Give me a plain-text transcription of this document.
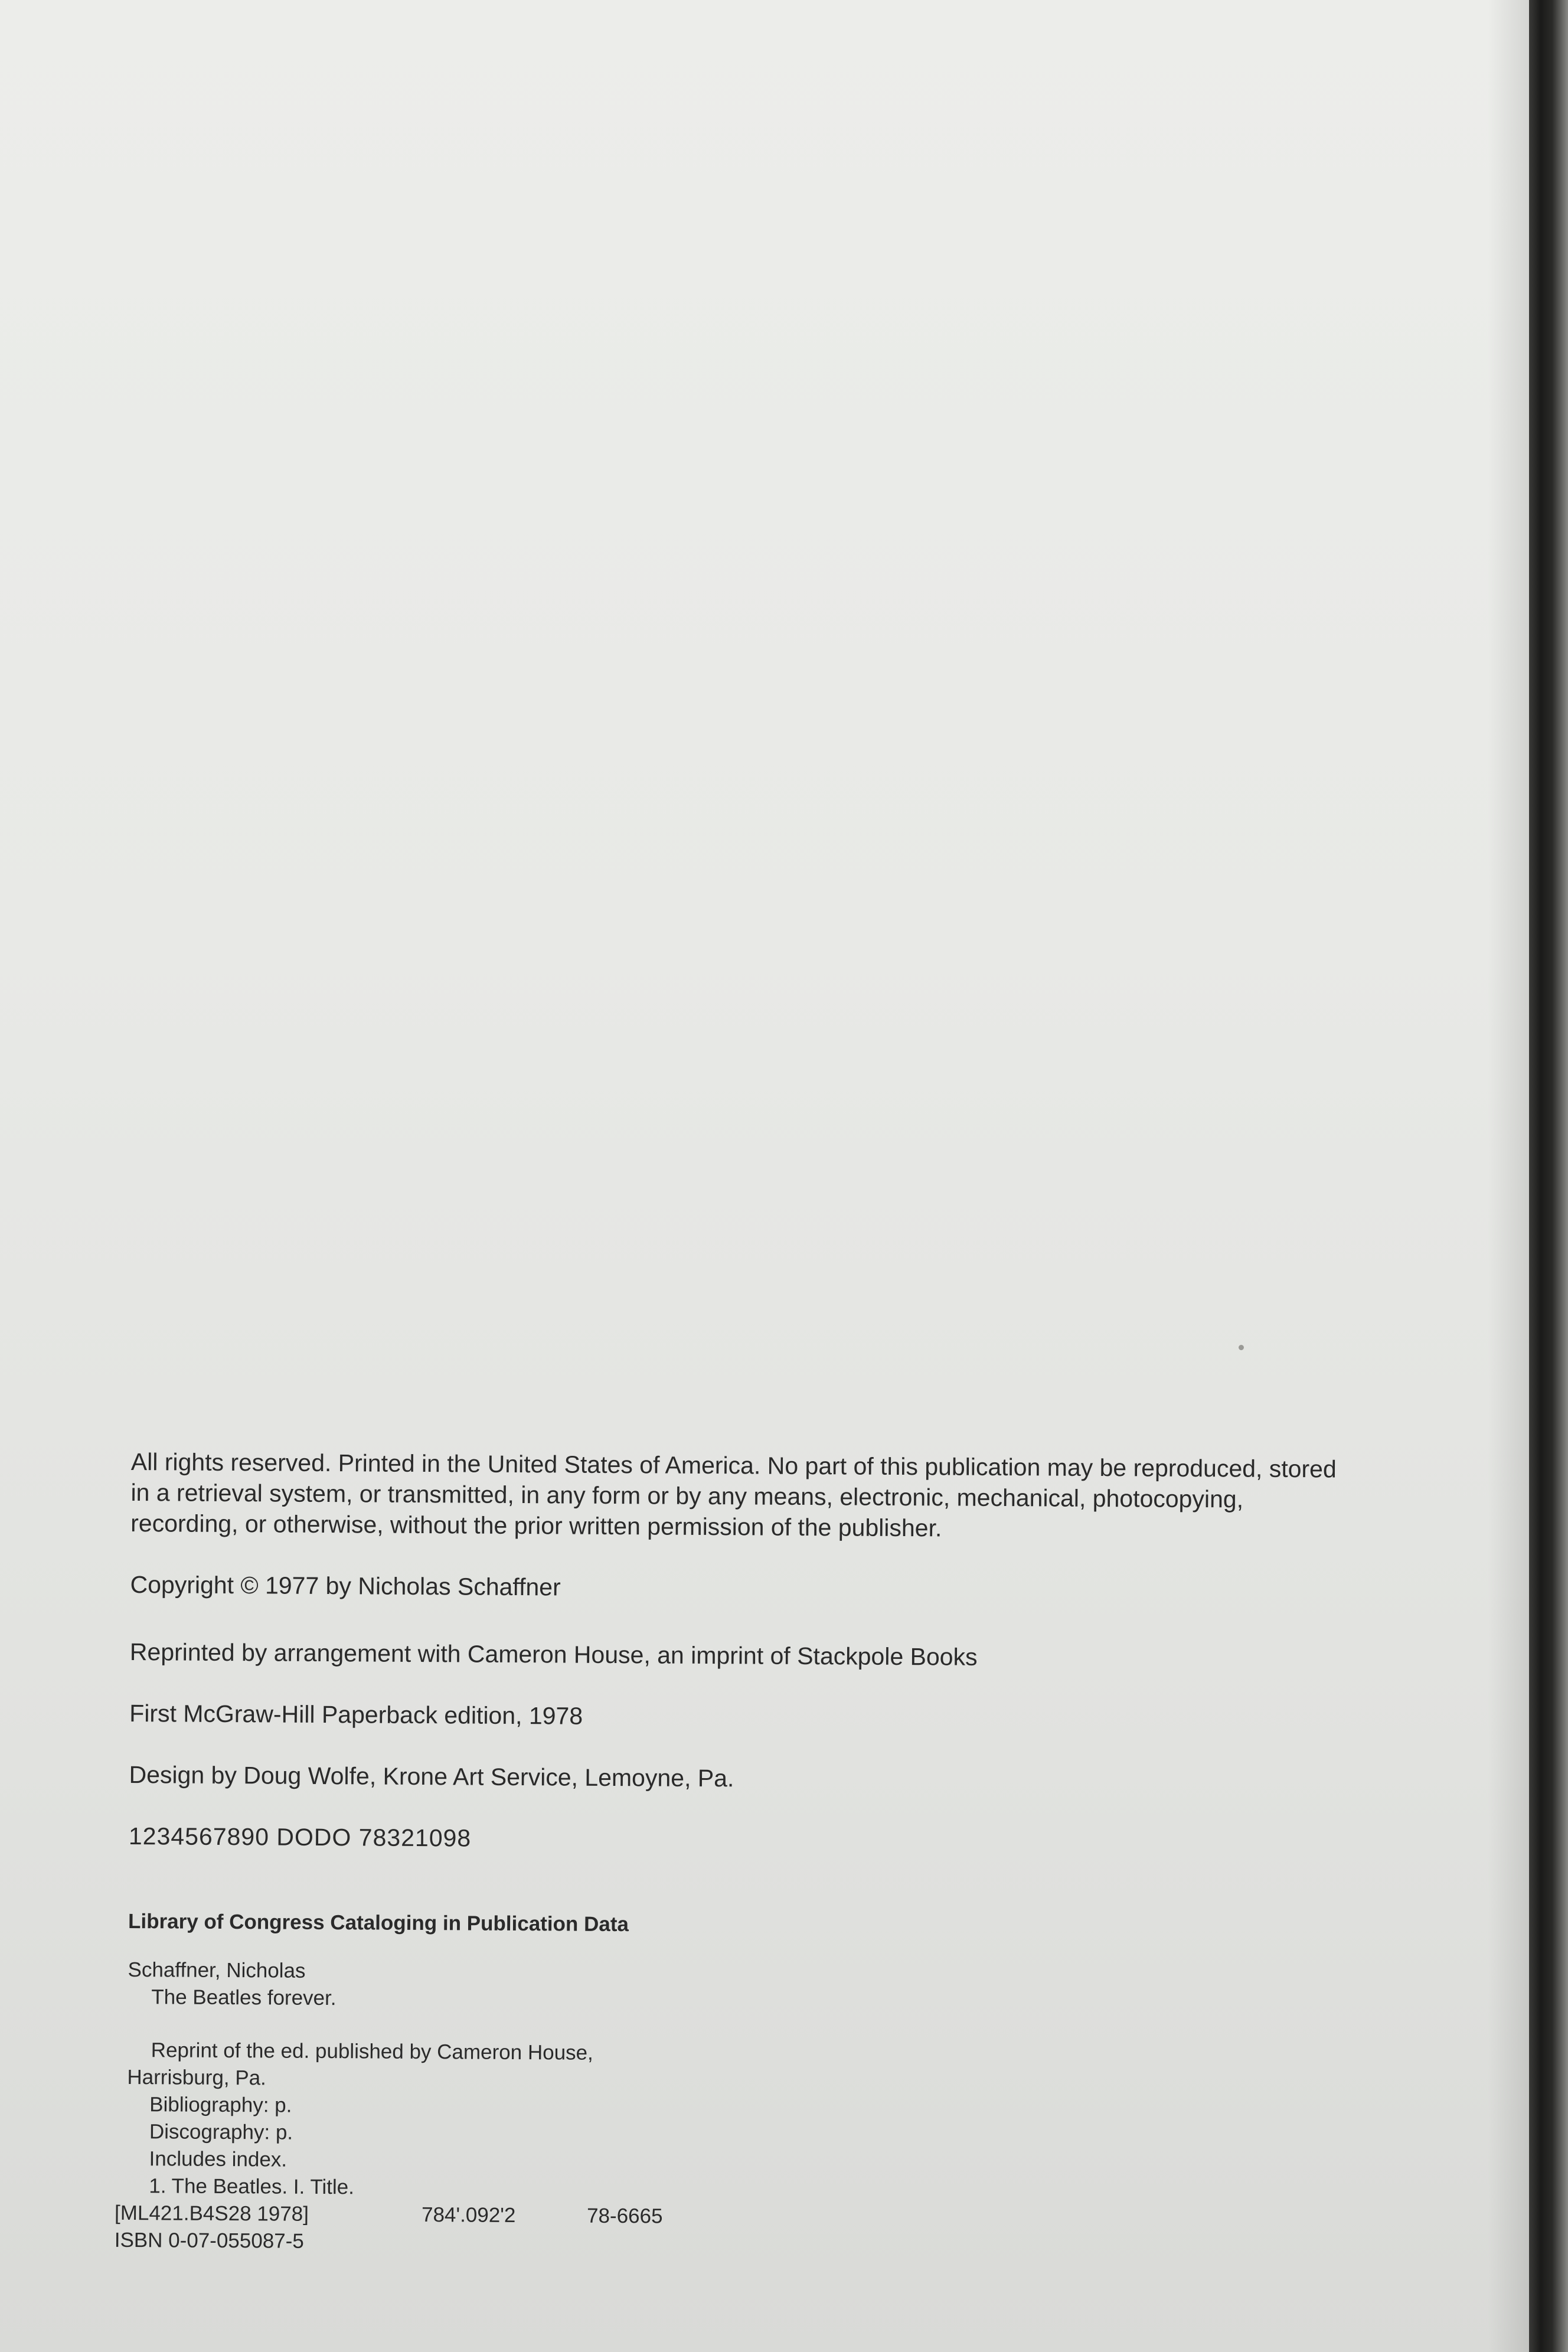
All rights reserved. Printed in the United States of America. No part of this publication may be reproduced, stored
in a retrieval system, or transmitted, in any form or by any means, electronic, mechanical, photocopying,
recording, or otherwise, without the prior written permission of the publisher.

Copyright © 1977 by Nicholas Schaffner

Reprinted by arrangement with Cameron House, an imprint of Stackpole Books

First McGraw-Hill Paperback edition, 1978

Design by Doug Wolfe, Krone Art Service, Lemoyne, Pa.

1234567890 DODO 78321098

Library of Congress Cataloging in Publication Data
Schaffner, Nicholas
The Beatles forever.
Reprint of the ed. published by Cameron House,
Harrisburg, Pa.
Bibliography: p.
Discography: p.
Includes index.
1. The Beatles. I. Title.
[ML421.B4S28 1978]	784'.092'2	78-6665
ISBN 0-07-055087-5
